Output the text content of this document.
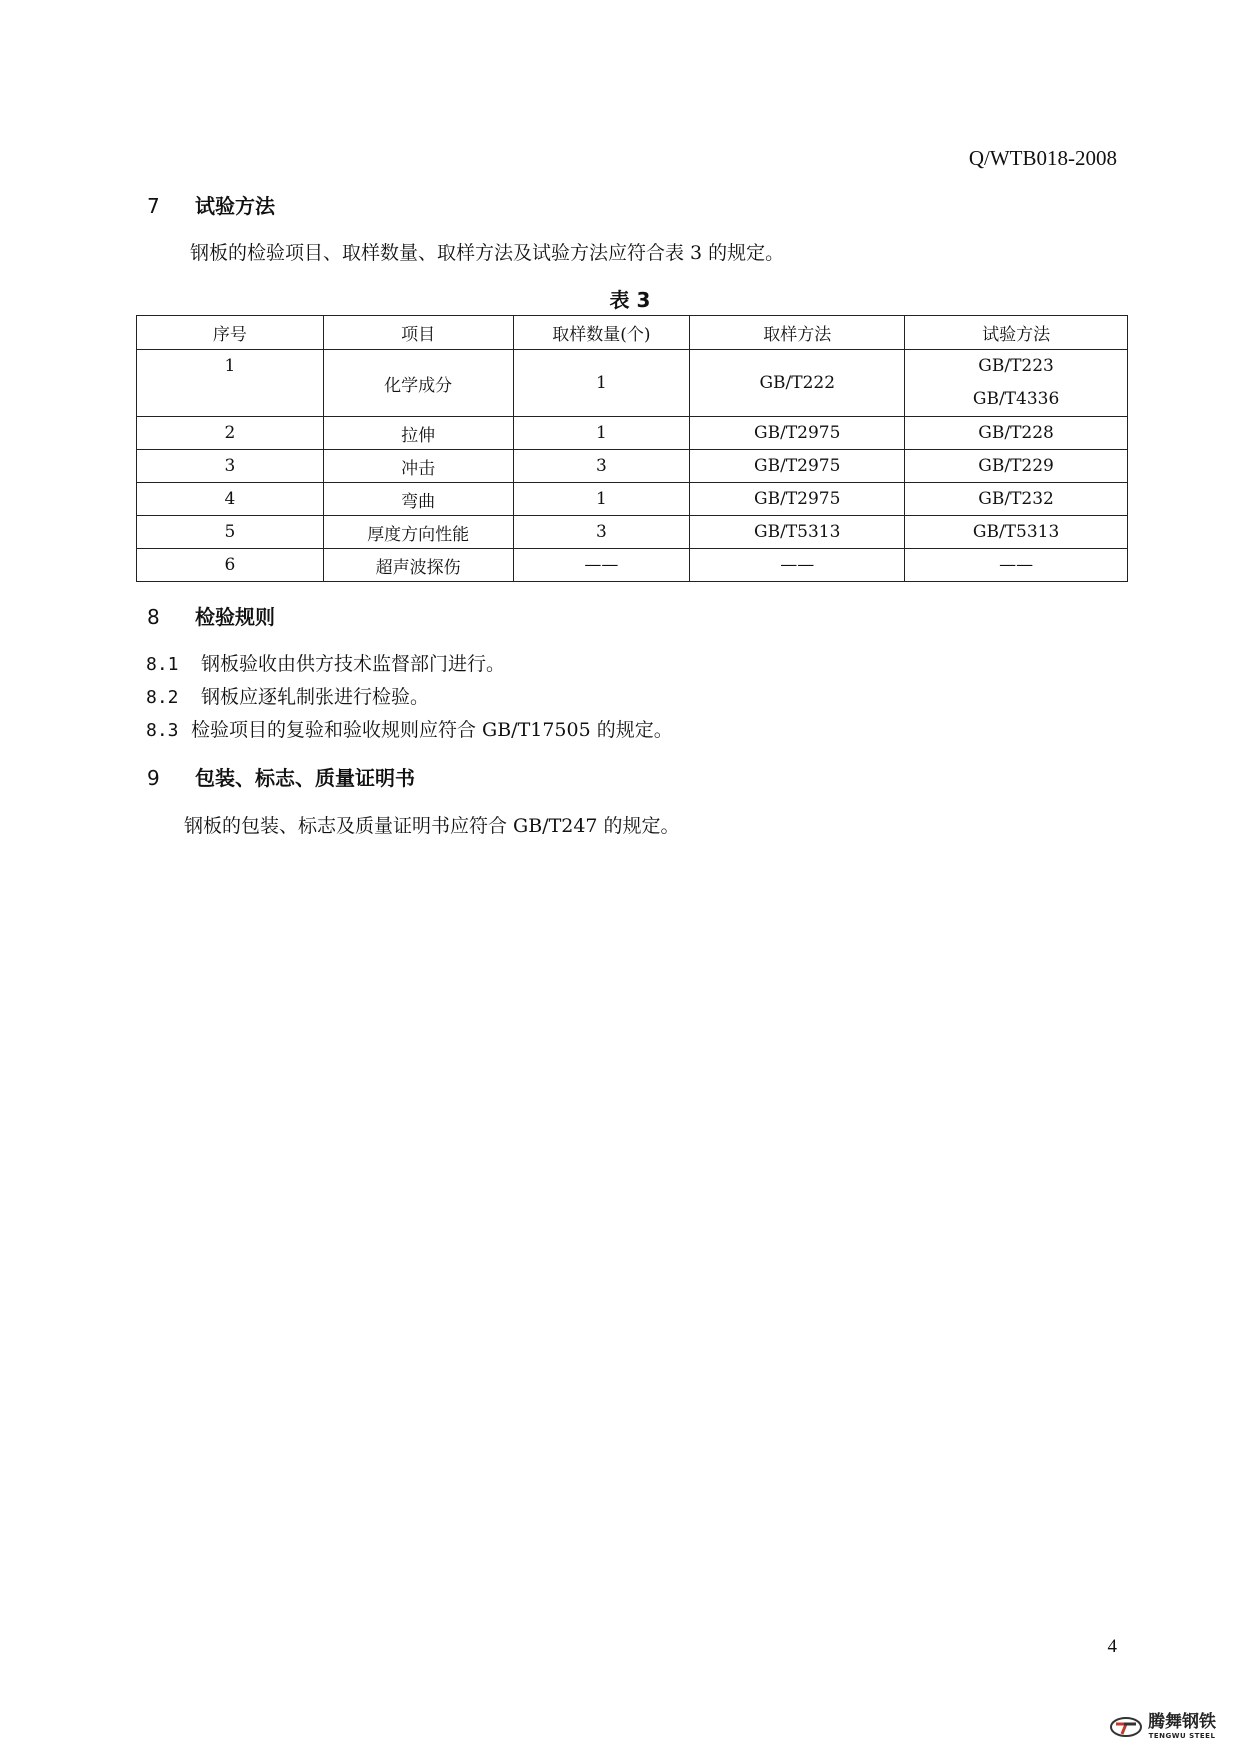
Q/WTB018-2008
7 试验方法
钢板的检验项目、取样数量、取样方法及试验方法应符合表 3 的规定。
表 3
序号	项目	取样数量(个)	取样方法	试验方法
1	化学成分	1	GB/T222	GB/T223
GB/T4336

2	拉伸	1	GB/T2975	GB/T228
3	冲击	3	GB/T2975	GB/T229
4	弯曲	1	GB/T2975	GB/T232
5	厚度方向性能	3	GB/T5313	GB/T5313
6	超声波探伤	——	——	——
8 检验规则
8.1 钢板验收由供方技术监督部门进行。
8.2 钢板应逐轧制张进行检验。
8.3 检验项目的复验和验收规则应符合 GB/T17505 的规定。
9 包装、标志、质量证明书
钢板的包装、标志及质量证明书应符合 GB/T247 的规定。
4
腾舞钢铁
TENGWU STEEL
